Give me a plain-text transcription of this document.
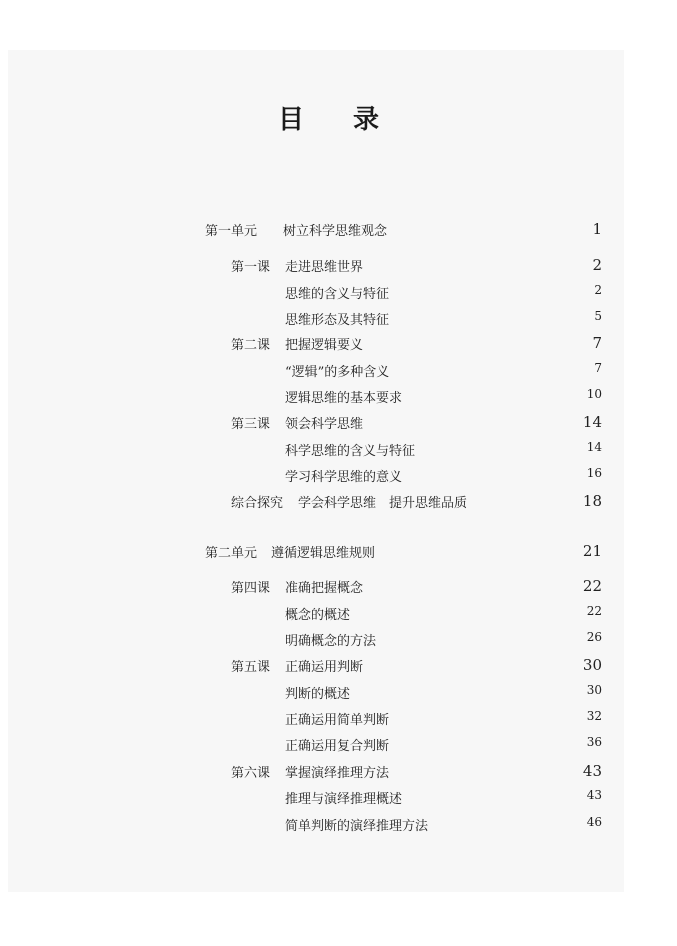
目 录
第一单元 树立科学思维观念	1
第一课 走进思维世界	2
思维的含义与特征	2
思维形态及其特征	5
第二课 把握逻辑要义	7
“逻辑”的多种含义	7
逻辑思维的基本要求	10
第三课 领会科学思维	14
科学思维的含义与特征	14
学习科学思维的意义	16
综合探究 学会科学思维　提升思维品质	18
第二单元 遵循逻辑思维规则	21
第四课 准确把握概念	22
概念的概述	22
明确概念的方法	26
第五课 正确运用判断	30
判断的概述	30
正确运用简单判断	32
正确运用复合判断	36
第六课 掌握演绎推理方法	43
推理与演绎推理概述	43
简单判断的演绎推理方法	46
